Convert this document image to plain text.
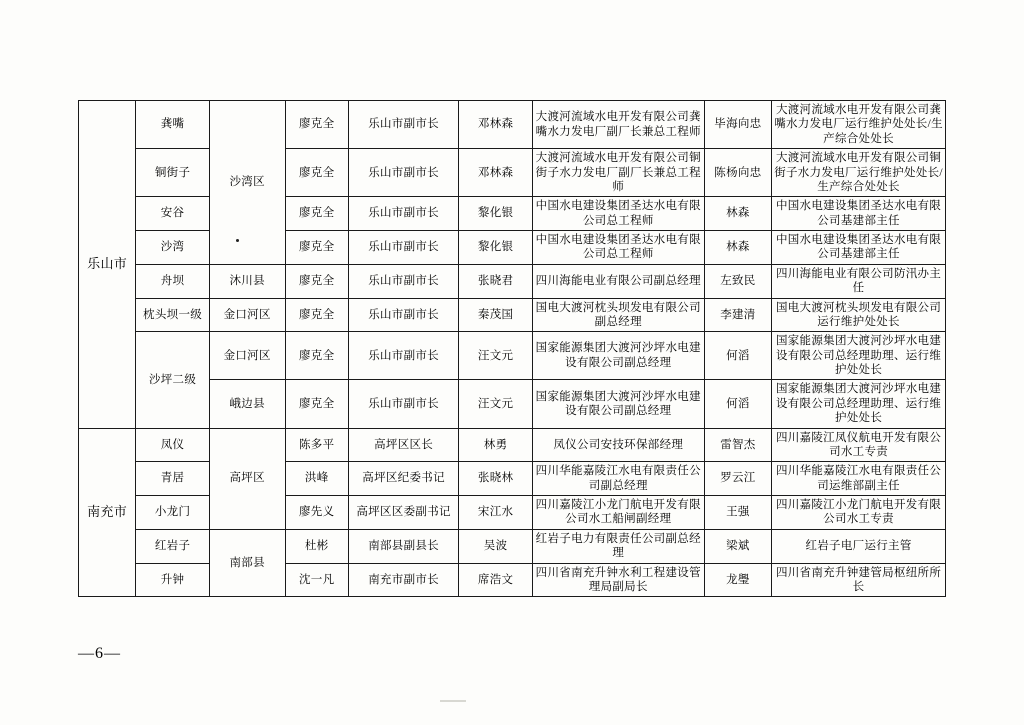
乐山市	龚嘴	沙湾区	廖克全	乐山市副市长	邓林森	大渡河流域水电开发有限公司龚嘴水力发电厂副厂长兼总工程师	毕海向忠	大渡河流域水电开发有限公司龚嘴水力发电厂运行维护处处长/生产综合处处长
	铜街子		廖克全	乐山市副市长	邓林森	大渡河流域水电开发有限公司铜街子水力发电厂副厂长兼总工程师	陈杨向忠	大渡河流域水电开发有限公司铜街子水力发电厂运行维护处处长/生产综合处处长
	安谷		廖克全	乐山市副市长	黎化银	中国水电建设集团圣达水电有限公司总工程师	林森	中国水电建设集团圣达水电有限公司基建部主任
	沙湾		廖克全	乐山市副市长	黎化银	中国水电建设集团圣达水电有限公司总工程师	林森	中国水电建设集团圣达水电有限公司基建部主任
	舟坝	沐川县	廖克全	乐山市副市长	张晓君	四川海能电业有限公司副总经理	左致民	四川海能电业有限公司防汛办主任
	枕头坝一级	金口河区	廖克全	乐山市副市长	秦茂国	国电大渡河枕头坝发电有限公司副总经理	李建清	国电大渡河枕头坝发电有限公司运行维护处处长
	沙坪二级	金口河区	廖克全	乐山市副市长	汪文元	国家能源集团大渡河沙坪水电建设有限公司副总经理	何滔	国家能源集团大渡河沙坪水电建设有限公司总经理助理、运行维护处处长
		峨边县	廖克全	乐山市副市长	汪文元	国家能源集团大渡河沙坪水电建设有限公司副总经理	何滔	国家能源集团大渡河沙坪水电建设有限公司总经理助理、运行维护处处长
南充市	凤仪	高坪区	陈多平	高坪区区长	林勇	凤仪公司安技环保部经理	雷智杰	四川嘉陵江凤仪航电开发有限公司水工专责
	青居		洪峰	高坪区纪委书记	张晓林	四川华能嘉陵江水电有限责任公司副总经理	罗云江	四川华能嘉陵江水电有限责任公司运维部副主任
	小龙门		廖先义	高坪区区委副书记	宋江水	四川嘉陵江小龙门航电开发有限公司水工船闸副经理	王强	四川嘉陵江小龙门航电开发有限公司水工专责
	红岩子	南部县	杜彬	南部县副县长	吴波	红岩子电力有限责任公司副总经理	梁斌	红岩子电厂运行主管
	升钟		沈一凡	南充市副市长	席浩文	四川省南充升钟水利工程建设管理局副局长	龙璺	四川省南充升钟建管局枢纽所所长
—6—
